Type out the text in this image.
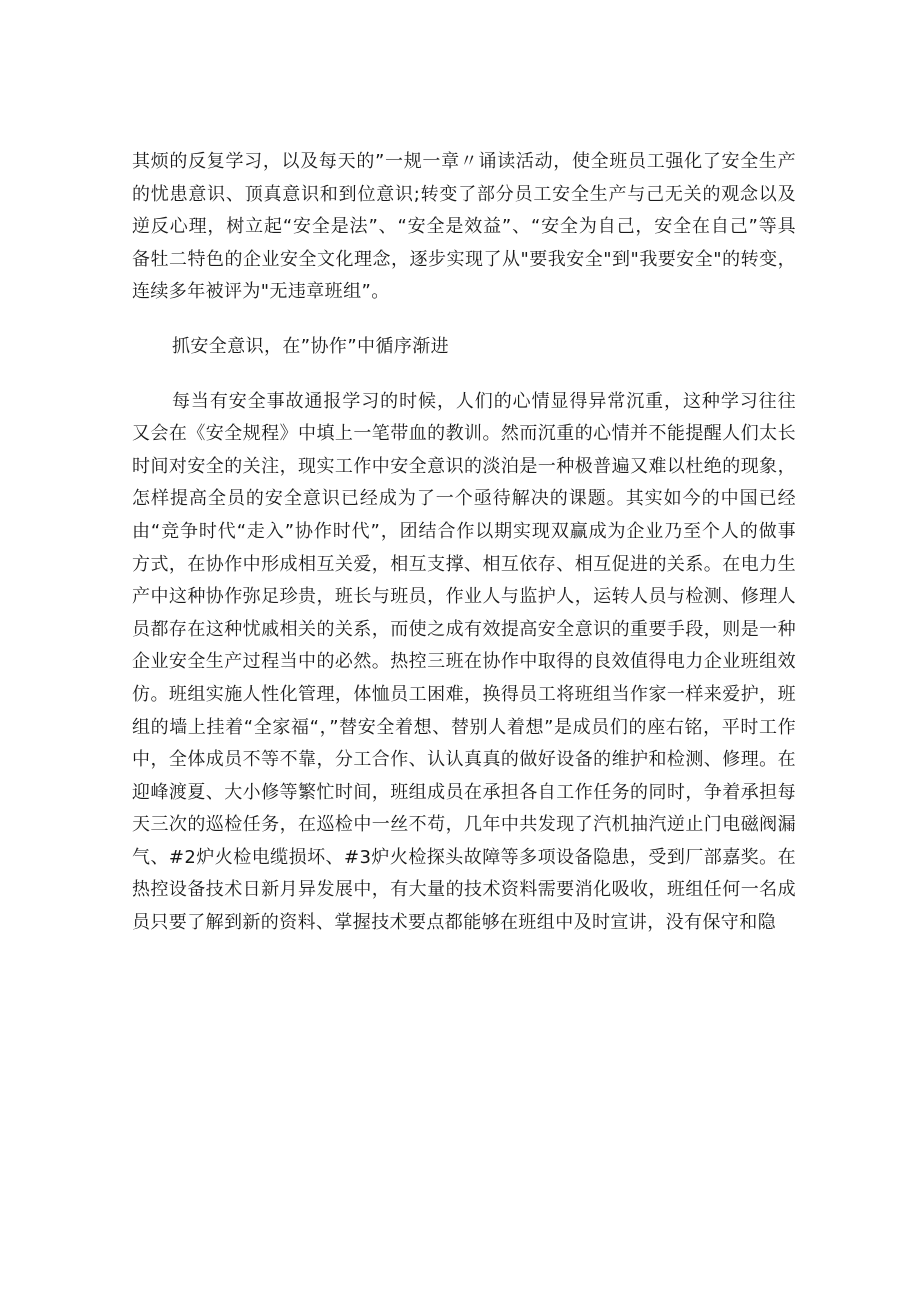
其烦的反复学习，以及每天的”一规一章〃诵读活动，使全班员工强化了安全生产的忧患意识、顶真意识和到位意识;转变了部分员工安全生产与己无关的观念以及逆反心理，树立起“安全是法”、“安全是效益”、“安全为自己，安全在自己”等具备牡二特色的企业安全文化理念，逐步实现了从"要我安全"到"我要安全"的转变，连续多年被评为"无违章班组”。

抓安全意识，在”协作”中循序渐进

每当有安全事故通报学习的时候，人们的心情显得异常沉重，这种学习往往又会在《安全规程》中填上一笔带血的教训。然而沉重的心情并不能提醒人们太长时间对安全的关注，现实工作中安全意识的淡泊是一种极普遍又难以杜绝的现象，怎样提高全员的安全意识已经成为了一个亟待解决的课题。其实如今的中国已经由“竞争时代“走入”协作时代”，团结合作以期实现双赢成为企业乃至个人的做事方式，在协作中形成相互关爱，相互支撑、相互依存、相互促进的关系。在电力生产中这种协作弥足珍贵，班长与班员，作业人与监护人，运转人员与检测、修理人员都存在这种忧戚相关的关系，而使之成有效提高安全意识的重要手段，则是一种企业安全生产过程当中的必然。热控三班在协作中取得的良效值得电力企业班组效仿。班组实施人性化管理，体恤员工困难，换得员工将班组当作家一样来爱护，班组的墙上挂着“全家福“，”替安全着想、替别人着想”是成员们的座右铭，平时工作中，全体成员不等不靠，分工合作、认认真真的做好设备的维护和检测、修理。在迎峰渡夏、大小修等繁忙时间，班组成员在承担各自工作任务的同时，争着承担每天三次的巡检任务，在巡检中一丝不苟，几年中共发现了汽机抽汽逆止门电磁阀漏气、#2炉火检电缆损坏、#3炉火检探头故障等多项设备隐患，受到厂部嘉奖。在热控设备技术日新月异发展中，有大量的技术资料需要消化吸收，班组任何一名成员只要了解到新的资料、掌握技术要点都能够在班组中及时宣讲，没有保守和隐
